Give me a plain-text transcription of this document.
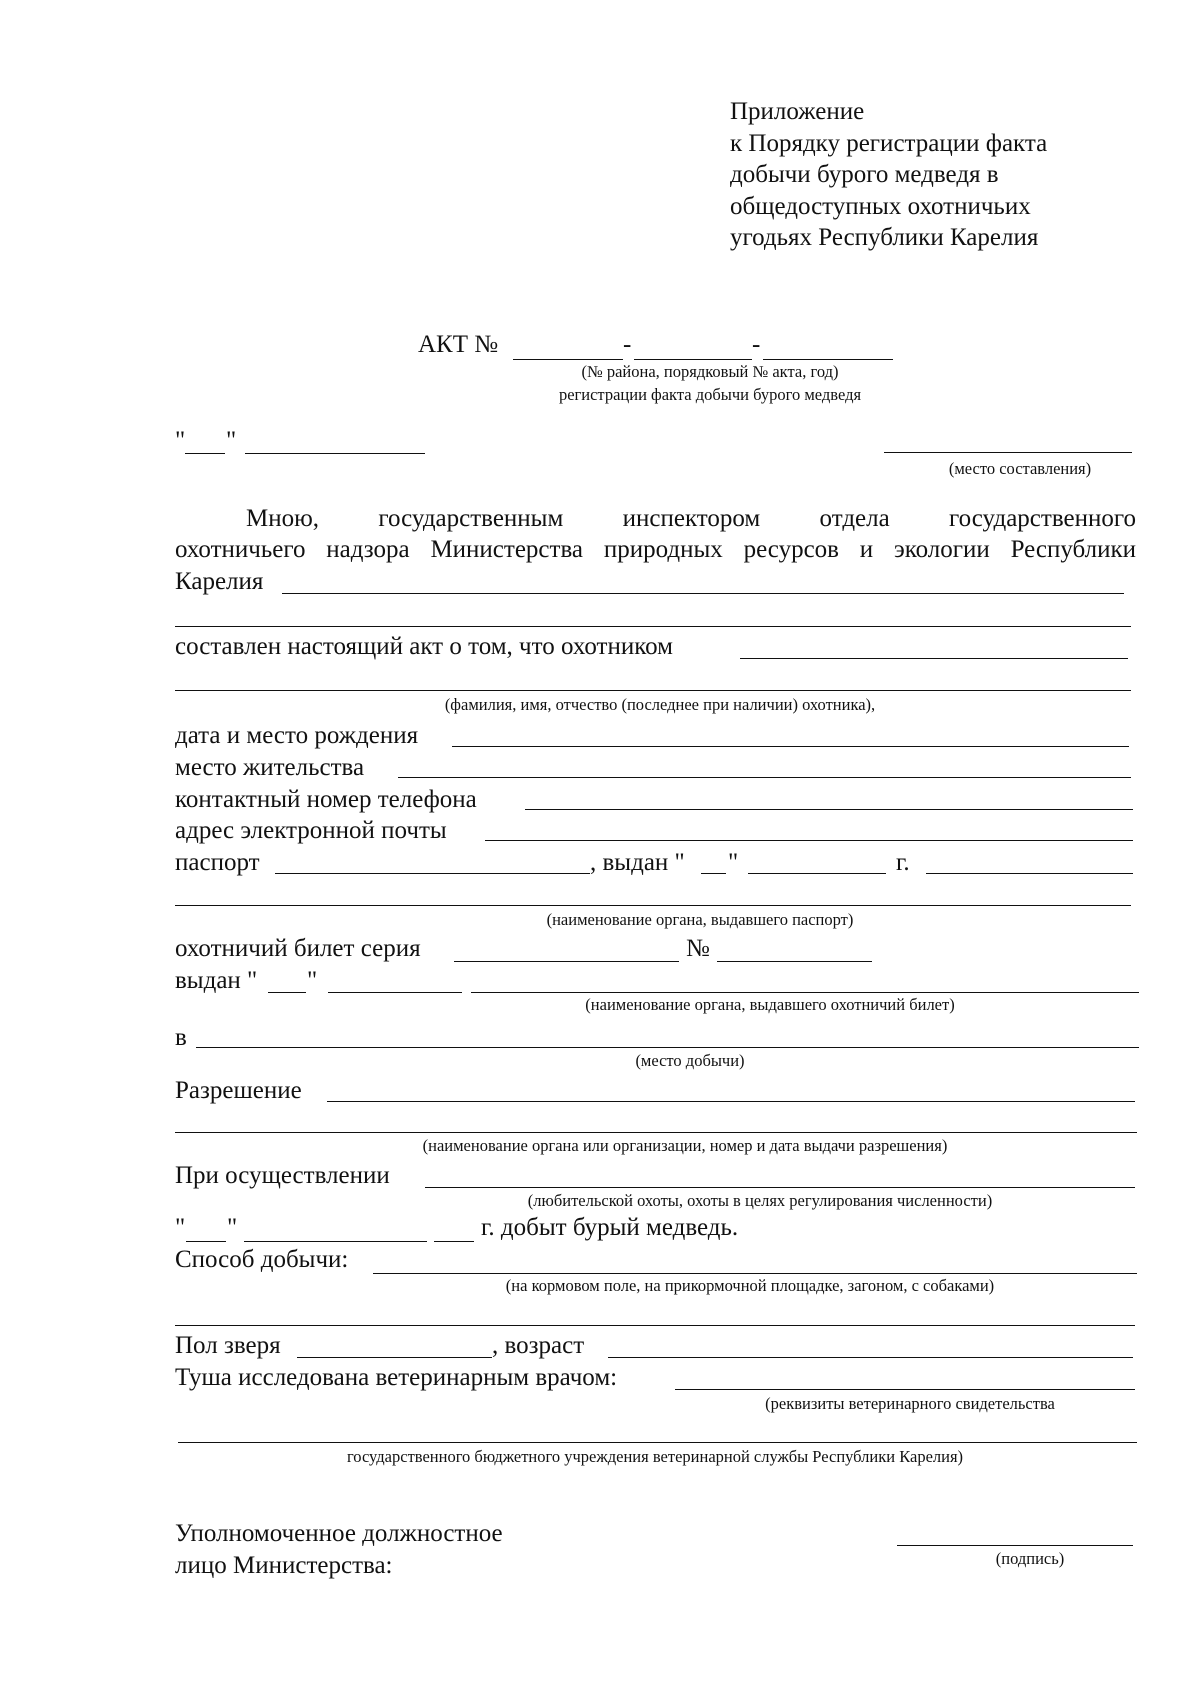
Приложение
к Порядку регистрации факта
добычи бурого медведя в
общедоступных охотничьих
угодьях Республики Карелия
АКТ №	-	-
(№ района, порядковый № акта, год)
регистрации факта добычи бурого медведя
" "
(место составления)
Мною, государственным инспектором отдела государственного
охотничьего надзора Министерства природных ресурсов и экологии Республики
Карелия
составлен настоящий акт о том, что охотником
(фамилия, имя, отчество (последнее при наличии) охотника),
дата и место рождения
место жительства
контактный номер телефона
адрес электронной почты
паспорт	, выдан " "	г.
(наименование органа, выдавшего паспорт)
охотничий билет серия	№
выдан " "
(наименование органа, выдавшего охотничий билет)
в
(место добычи)
Разрешение
(наименование органа или организации, номер и дата выдачи разрешения)
При осуществлении
(любительской охоты, охоты в целях регулирования численности)
" "	г. добыт бурый медведь.
Способ добычи:
(на кормовом поле, на прикормочной площадке, загоном, с собаками)
Пол зверя	, возраст
Туша исследована ветеринарным врачом:
(реквизиты ветеринарного свидетельства
государственного бюджетного учреждения ветеринарной службы Республики Карелия)
Уполномоченное должностное
лицо Министерства:	(подпись)
